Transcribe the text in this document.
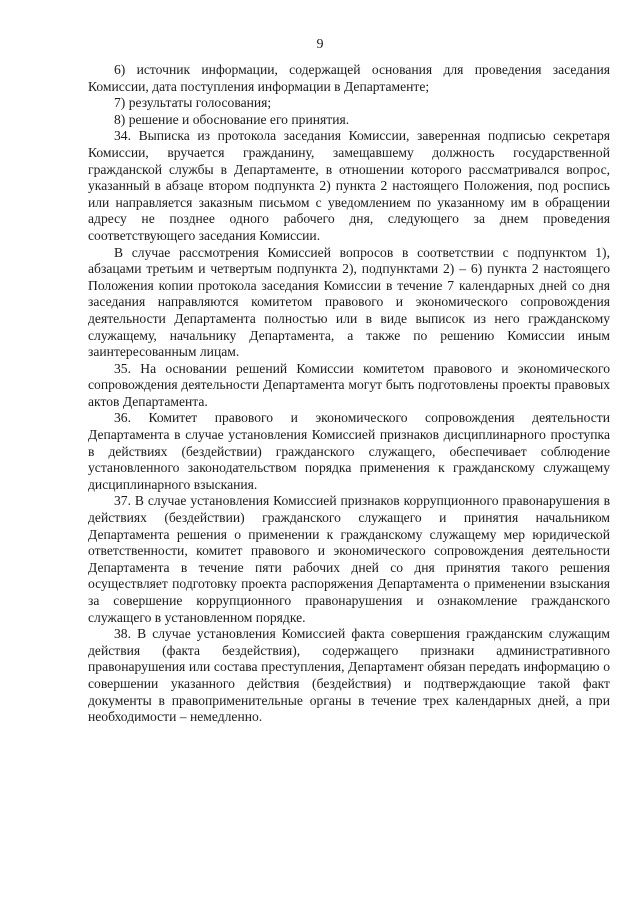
9

6) источник информации, содержащей основания для проведения заседания Комиссии, дата поступления информации в Департаменте;

7) результаты голосования;

8) решение и обоснование его принятия.

34. Выписка из протокола заседания Комиссии, заверенная подписью секретаря Комиссии, вручается гражданину, замещавшему должность государственной гражданской службы в Департаменте, в отношении которого рассматривался вопрос, указанный в абзаце втором подпункта 2) пункта 2 настоящего Положения, под роспись или направляется заказным письмом с уведомлением по указанному им в обращении адресу не позднее одного рабочего дня, следующего за днем проведения соответствующего заседания Комиссии.

В случае рассмотрения Комиссией вопросов в соответствии с подпунктом 1), абзацами третьим и четвертым подпункта 2), подпунктами 2) – 6) пункта 2 настоящего Положения копии протокола заседания Комиссии в течение 7 календарных дней со дня заседания направляются комитетом правового и экономического сопровождения деятельности Департамента полностью или в виде выписок из него гражданскому служащему, начальнику Департамента, а также по решению Комиссии иным заинтересованным лицам.

35. На основании решений Комиссии комитетом правового и экономического сопровождения деятельности Департамента могут быть подготовлены проекты правовых актов Департамента.

36. Комитет правового и экономического сопровождения деятельности Департамента в случае установления Комиссией признаков дисциплинарного проступка в действиях (бездействии) гражданского служащего, обеспечивает соблюдение установленного законодательством порядка применения к гражданскому служащему дисциплинарного взыскания.

37. В случае установления Комиссией признаков коррупционного правонарушения в действиях (бездействии) гражданского служащего и принятия начальником Департамента решения о применении к гражданскому служащему мер юридической ответственности, комитет правового и экономического сопровождения деятельности Департамента в течение пяти рабочих дней со дня принятия такого решения осуществляет подготовку проекта распоряжения Департамента о применении взыскания за совершение коррупционного правонарушения и ознакомление гражданского служащего в установленном порядке.

38. В случае установления Комиссией факта совершения гражданским служащим действия (факта бездействия), содержащего признаки административного правонарушения или состава преступления, Департамент обязан передать информацию о совершении указанного действия (бездействия) и подтверждающие такой факт документы в правоприменительные органы в течение трех календарных дней, а при необходимости – немедленно.
